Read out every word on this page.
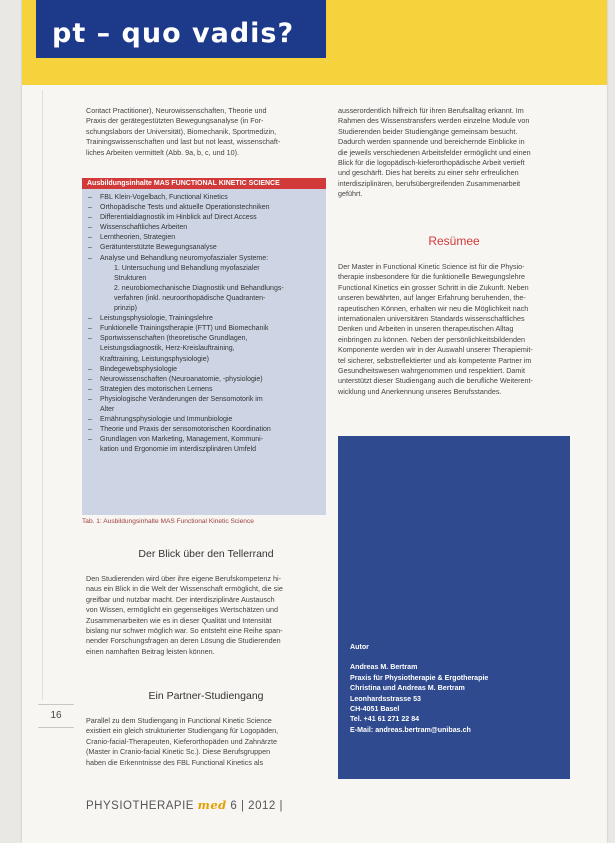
pt – quo vadis?
Contact Practitioner), Neurowissenschaften, Theorie und
Praxis der gerätegestützten Bewegungsanalyse (in For-
schungslabors der Universität), Biomechanik, Sportmedizin,
Trainingswissenschaften und last but not least, wissenschaft-
liches Arbeiten vermittelt (Abb. 9a, b, c, und 10).
Ausbildungsinhalte MAS FUNCTIONAL KINETIC SCIENCE
– FBL Klein-Vogelbach, Functional Kinetics
– Orthopädische Tests und aktuelle Operationstechniken
– Differentialdiagnostik im Hinblick auf Direct Access
– Wissenschaftliches Arbeiten
– Lerntheorien, Strategien
– Gerätunterstützte Bewegungsanalyse
– Analyse und Behandlung neuromyofaszialer Systeme:
1. Untersuchung und Behandlung myofaszialer
Strukturen
2. neurobiomechanische Diagnostik und Behandlungs-
verfahren (inkl. neuroorthopädische Quadranten-
prinzip)
– Leistungsphysiologie, Trainingslehre
– Funktionelle Trainingstherapie (FTT) und Biomechanik
– Sportwissenschaften (theoretische Grundlagen,
Leistungsdiagnostik, Herz-Kreislauftraining,
Krafttraining, Leistungsphysiologie)
– Bindegewebsphysiologie
– Neurowissenschaften (Neuroanatomie, -physiologie)
– Strategien des motorischen Lernens
– Physiologische Veränderungen der Sensomotorik im
Alter
– Ernährungsphysiologie und Immunbiologie
– Theorie und Praxis der sensomotorischen Koordination
– Grundlagen von Marketing, Management, Kommuni-
kation und Ergonomie im interdisziplinären Umfeld
Tab. 1: Ausbildungsinhalte MAS Functional Kinetic Science
Der Blick über den Tellerrand
Den Studierenden wird über ihre eigene Berufskompetenz hi-
naus ein Blick in die Welt der Wissenschaft ermöglicht, die sie
greifbar und nutzbar macht. Der interdisziplinäre Austausch
von Wissen, ermöglicht ein gegenseitiges Wertschätzen und
Zusammenarbeiten wie es in dieser Qualität und Intensität
bislang nur schwer möglich war. So entsteht eine Reihe span-
nender Forschungsfragen an deren Lösung die Studierenden
einen namhaften Beitrag leisten können.
Ein Partner-Studiengang
Parallel zu dem Studiengang in Functional Kinetic Science
existiert ein gleich strukturierter Studiengang für Logopäden,
Cranio-facial-Therapeuten, Kieferorthopäden und Zahnärzte
(Master in Cranio-facial Kinetic Sc.). Diese Berufsgruppen
haben die Erkenntnisse des FBL Functional Kinetics als
ausserordentlich hilfreich für ihren Berufsalltag erkannt. Im
Rahmen des Wissenstransfers werden einzelne Module von
Studierenden beider Studiengänge gemeinsam besucht.
Dadurch werden spannende und bereichernde Einblicke in
die jeweils verschiedenen Arbeitsfelder ermöglicht und einen
Blick für die logopädisch-kieferorthopädische Arbeit vertieft
und geschärft. Dies hat bereits zu einer sehr erfreulichen
interdisziplinären, berufsübergreifenden Zusammenarbeit
geführt.
Resümee
Der Master in Functional Kinetic Science ist für die Physio-
therapie insbesondere für die funktionelle Bewegungslehre
Functional Kinetics ein grosser Schritt in die Zukunft. Neben
unseren bewährten, auf langer Erfahrung beruhenden, the-
rapeutischen Können, erhalten wir neu die Möglichkeit nach
internationalen universitären Standards wissenschaftliches
Denken und Arbeiten in unseren therapeutischen Alltag
einbringen zu können. Neben der persönlichkeitsbildenden
Komponente werden wir in der Auswahl unserer Therapiemit-
tel sicherer, selbstreflektierter und als kompetente Partner im
Gesundheitswesen wahrgenommen und respektiert. Damit
unterstützt dieser Studiengang auch die berufliche Weiterent-
wicklung und Anerkennung unseres Berufsstandes.
Autor
Andreas M. Bertram
Praxis für Physiotherapie & Ergotherapie
Christina und Andreas M. Bertram
Leonhardsstrasse 53
CH-4051 Basel
Tel. +41 61 271 22 84
E-Mail: andreas.bertram@unibas.ch
16
PHYSIOTHERAPIE med 6 | 2012 |
